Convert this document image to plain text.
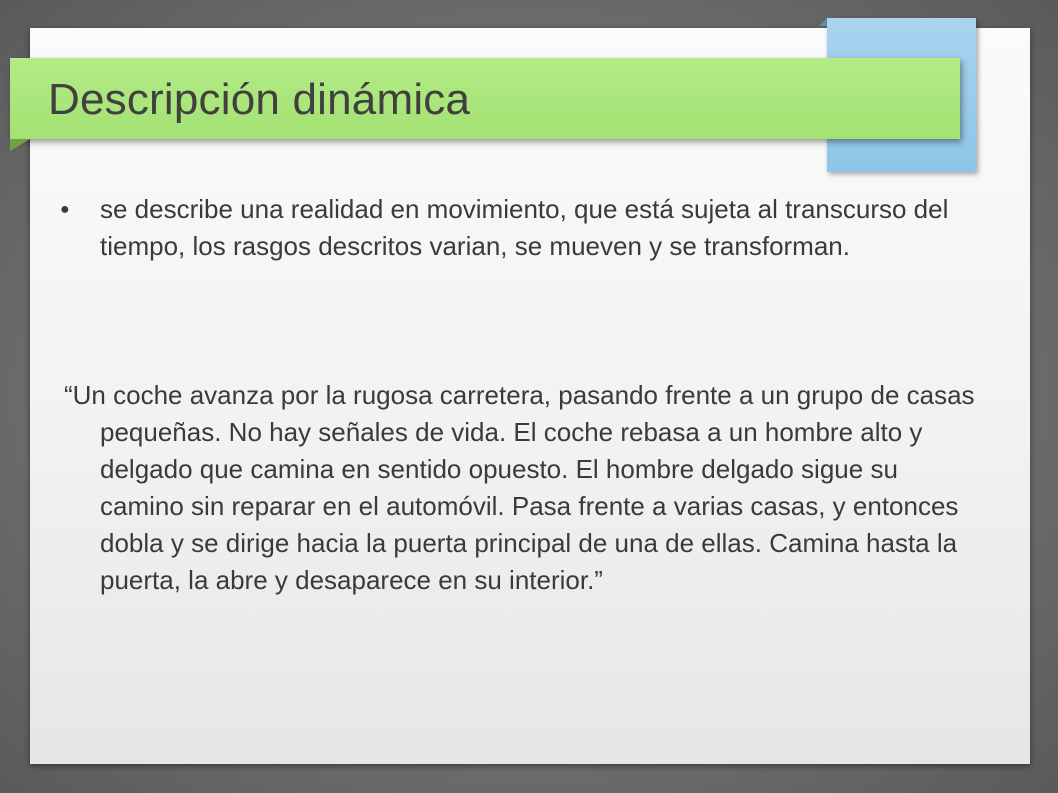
Descripción dinámica
● se describe una realidad en movimiento, que está sujeta al transcurso del tiempo, los rasgos descritos varian, se mueven y se transforman.

“Un coche avanza por la rugosa carretera, pasando frente a un grupo de casas pequeñas. No hay señales de vida. El coche rebasa a un hombre alto y delgado que camina en sentido opuesto. El hombre delgado sigue su camino sin reparar en el automóvil. Pasa frente a varias casas, y entonces dobla y se dirige hacia la puerta principal de una de ellas. Camina hasta la puerta, la abre y desaparece en su interior.”
